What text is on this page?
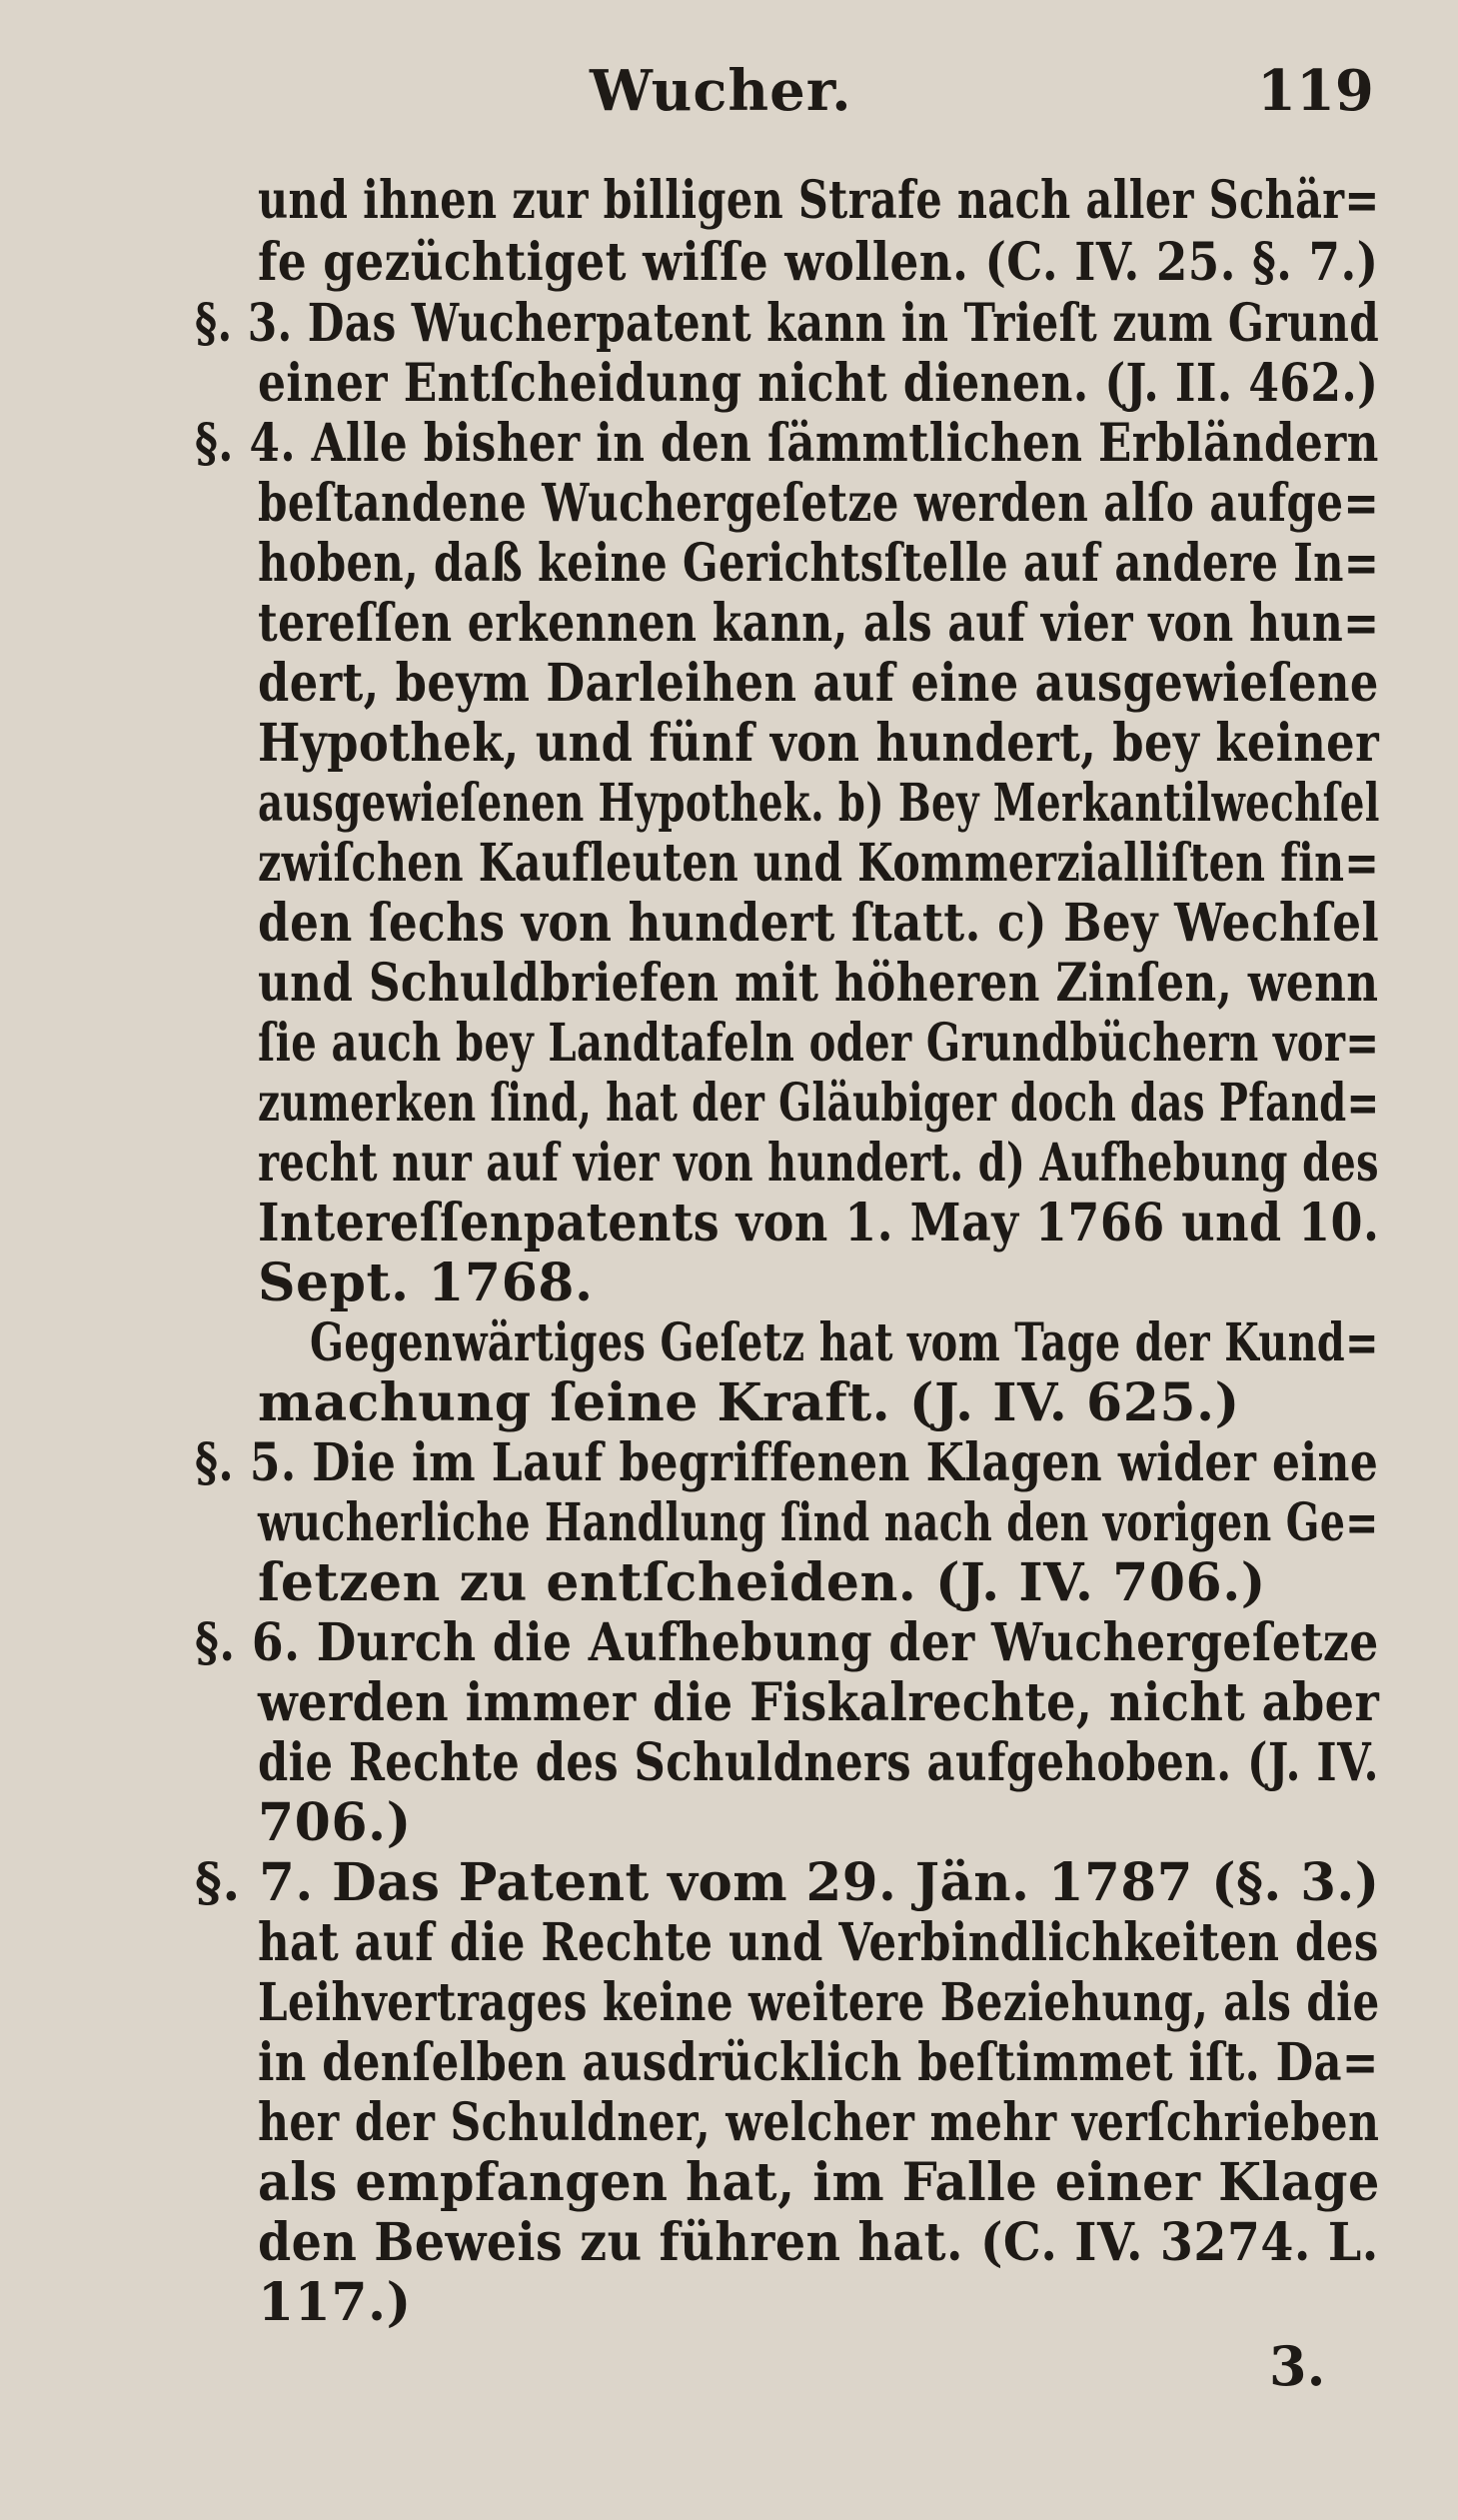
Wucher.	119
und ihnen zur billigen Strafe nach aller Schär=
fe gezüchtiget wiſſe wollen. (C. IV. 25. §. 7.)
§. 3. Das Wucherpatent kann in Trieſt zum Grund
einer Entſcheidung nicht dienen. (J. II. 462.)
§. 4. Alle bisher in den ſämmtlichen Erbländern
beſtandene Wuchergeſetze werden alſo aufge=
hoben, daß keine Gerichtsſtelle auf andere In=
tereſſen erkennen kann, als auf vier von hun=
dert, beym Darleihen auf eine ausgewieſene
Hypothek, und fünf von hundert, bey keiner
ausgewieſenen Hypothek. b) Bey Merkantilwechſel
zwiſchen Kaufleuten und Kommerzialliſten fin=
den ſechs von hundert ſtatt. c) Bey Wechſel
und Schuldbriefen mit höheren Zinſen, wenn
ſie auch bey Landtafeln oder Grundbüchern vor=
zumerken ſind, hat der Gläubiger doch das Pfand=
recht nur auf vier von hundert. d) Aufhebung des
Intereſſenpatents von 1. May 1766 und 10.
Sept. 1768.
Gegenwärtiges Geſetz hat vom Tage der Kund=
machung ſeine Kraft. (J. IV. 625.)
§. 5. Die im Lauf begriffenen Klagen wider eine
wucherliche Handlung ſind nach den vorigen Ge=
ſetzen zu entſcheiden. (J. IV. 706.)
§. 6. Durch die Aufhebung der Wuchergeſetze
werden immer die Fiskalrechte, nicht aber
die Rechte des Schuldners aufgehoben. (J. IV.
706.)
§. 7. Das Patent vom 29. Jän. 1787 (§. 3.)
hat auf die Rechte und Verbindlichkeiten des
Leihvertrages keine weitere Beziehung, als die
in denſelben ausdrücklich beſtimmet iſt. Da=
her der Schuldner, welcher mehr verſchrieben
als empfangen hat, im Falle einer Klage
den Beweis zu führen hat. (C. IV. 3274. L.
117.)
3.
